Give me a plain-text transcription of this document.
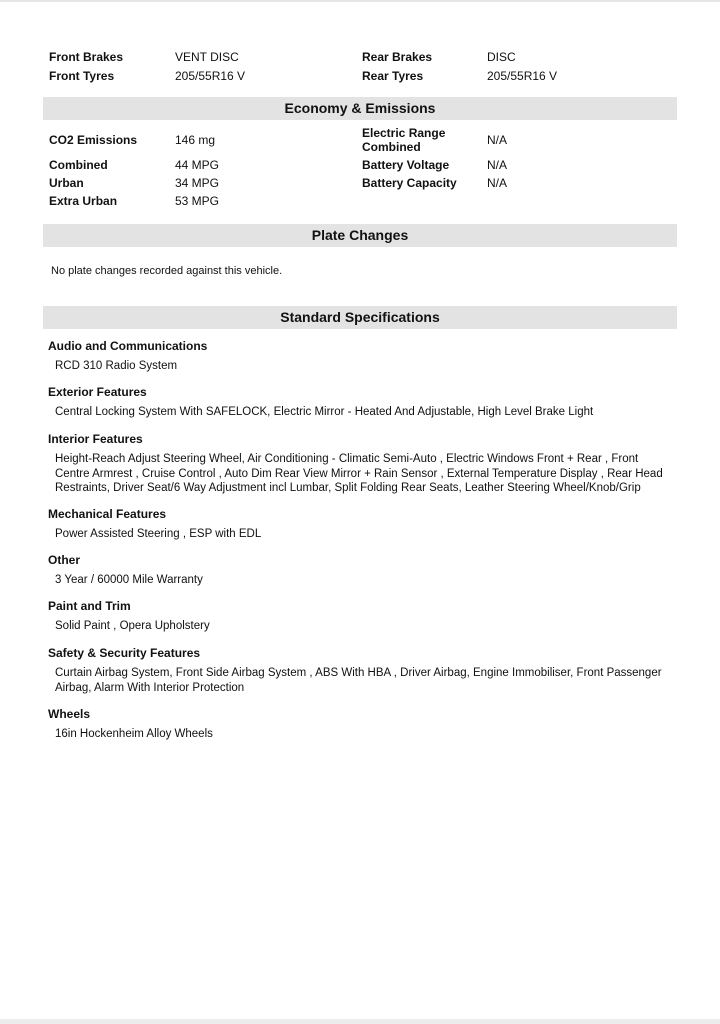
Front Brakes	VENT DISC	Rear Brakes	DISC
Front Tyres	205/55R16 V	Rear Tyres	205/55R16 V
Economy & Emissions
CO2 Emissions	146 mg	Electric Range Combined	N/A
Combined	44 MPG	Battery Voltage	N/A
Urban	34 MPG	Battery Capacity	N/A
Extra Urban	53 MPG
Plate Changes
No plate changes recorded against this vehicle.
Standard Specifications
Audio and Communications
RCD 310 Radio System
Exterior Features
Central Locking System With SAFELOCK, Electric Mirror - Heated And Adjustable, High Level Brake Light
Interior Features
Height-Reach Adjust Steering Wheel, Air Conditioning - Climatic Semi-Auto , Electric Windows Front + Rear , Front Centre Armrest , Cruise Control , Auto Dim Rear View Mirror + Rain Sensor , External Temperature Display , Rear Head Restraints, Driver Seat/6 Way Adjustment incl Lumbar, Split Folding Rear Seats, Leather Steering Wheel/Knob/Grip
Mechanical Features
Power Assisted Steering , ESP with EDL
Other
3 Year / 60000 Mile Warranty
Paint and Trim
Solid Paint , Opera Upholstery
Safety & Security Features
Curtain Airbag System, Front Side Airbag System , ABS With HBA , Driver Airbag, Engine Immobiliser, Front Passenger Airbag, Alarm With Interior Protection
Wheels
16in Hockenheim Alloy Wheels
